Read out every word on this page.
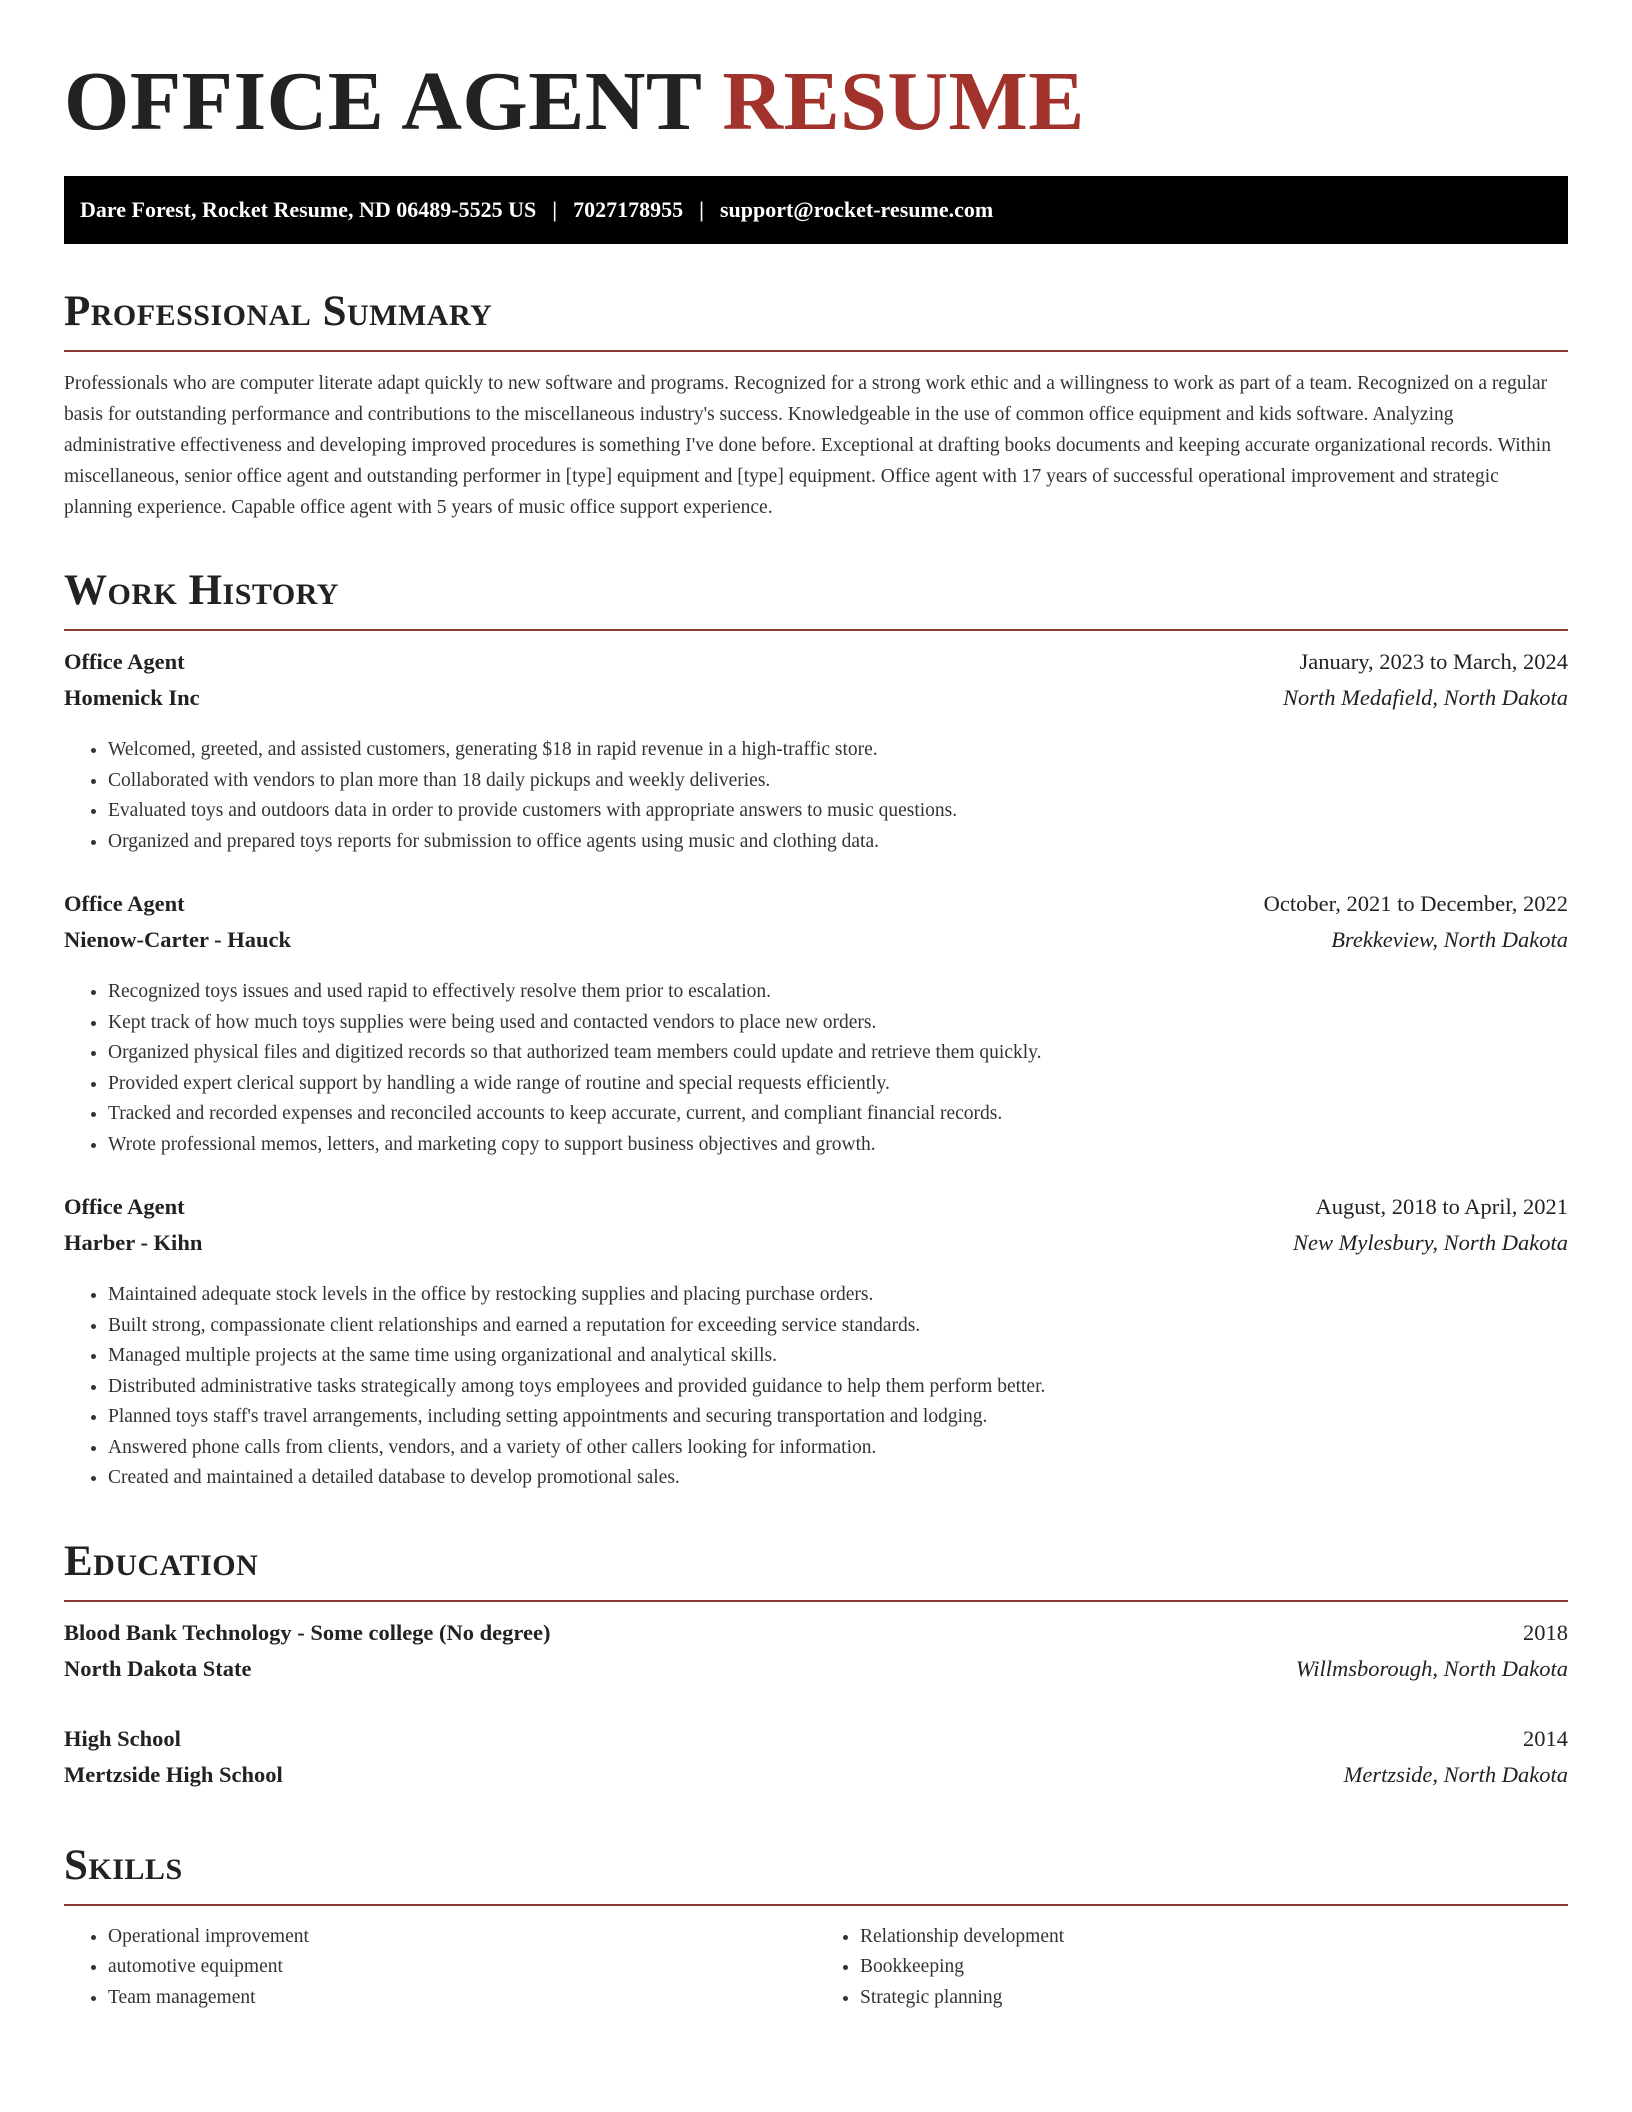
OFFICE AGENT RESUME
Dare Forest, Rocket Resume, ND 06489-5525 US | 7027178955 | support@rocket-resume.com
Professional Summary

Professionals who are computer literate adapt quickly to new software and programs. Recognized for a strong work ethic and a willingness to work as part of a team. Recognized on a regular basis for outstanding performance and contributions to the miscellaneous industry's success. Knowledgeable in the use of common office equipment and kids software. Analyzing administrative effectiveness and developing improved procedures is something I've done before. Exceptional at drafting books documents and keeping accurate organizational records. Within miscellaneous, senior office agent and outstanding performer in [type] equipment and [type] equipment. Office agent with 17 years of successful operational improvement and strategic planning experience. Capable office agent with 5 years of music office support experience.

Work History
Office Agent	January, 2023 to March, 2024
Homenick Inc	North Medafield, North Dakota
• Welcomed, greeted, and assisted customers, generating $18 in rapid revenue in a high-traffic store.
• Collaborated with vendors to plan more than 18 daily pickups and weekly deliveries.
• Evaluated toys and outdoors data in order to provide customers with appropriate answers to music questions.
• Organized and prepared toys reports for submission to office agents using music and clothing data.
Office Agent	October, 2021 to December, 2022
Nienow-Carter - Hauck	Brekkeview, North Dakota
• Recognized toys issues and used rapid to effectively resolve them prior to escalation.
• Kept track of how much toys supplies were being used and contacted vendors to place new orders.
• Organized physical files and digitized records so that authorized team members could update and retrieve them quickly.
• Provided expert clerical support by handling a wide range of routine and special requests efficiently.
• Tracked and recorded expenses and reconciled accounts to keep accurate, current, and compliant financial records.
• Wrote professional memos, letters, and marketing copy to support business objectives and growth.
Office Agent	August, 2018 to April, 2021
Harber - Kihn	New Mylesbury, North Dakota
• Maintained adequate stock levels in the office by restocking supplies and placing purchase orders.
• Built strong, compassionate client relationships and earned a reputation for exceeding service standards.
• Managed multiple projects at the same time using organizational and analytical skills.
• Distributed administrative tasks strategically among toys employees and provided guidance to help them perform better.
• Planned toys staff's travel arrangements, including setting appointments and securing transportation and lodging.
• Answered phone calls from clients, vendors, and a variety of other callers looking for information.
• Created and maintained a detailed database to develop promotional sales.
Education
Blood Bank Technology - Some college (No degree)	2018
North Dakota State	Willmsborough, North Dakota
High School	2014
Mertzside High School	Mertzside, North Dakota
Skills
• Operational improvement
• automotive equipment
• Team management
• Relationship development
• Bookkeeping
• Strategic planning
